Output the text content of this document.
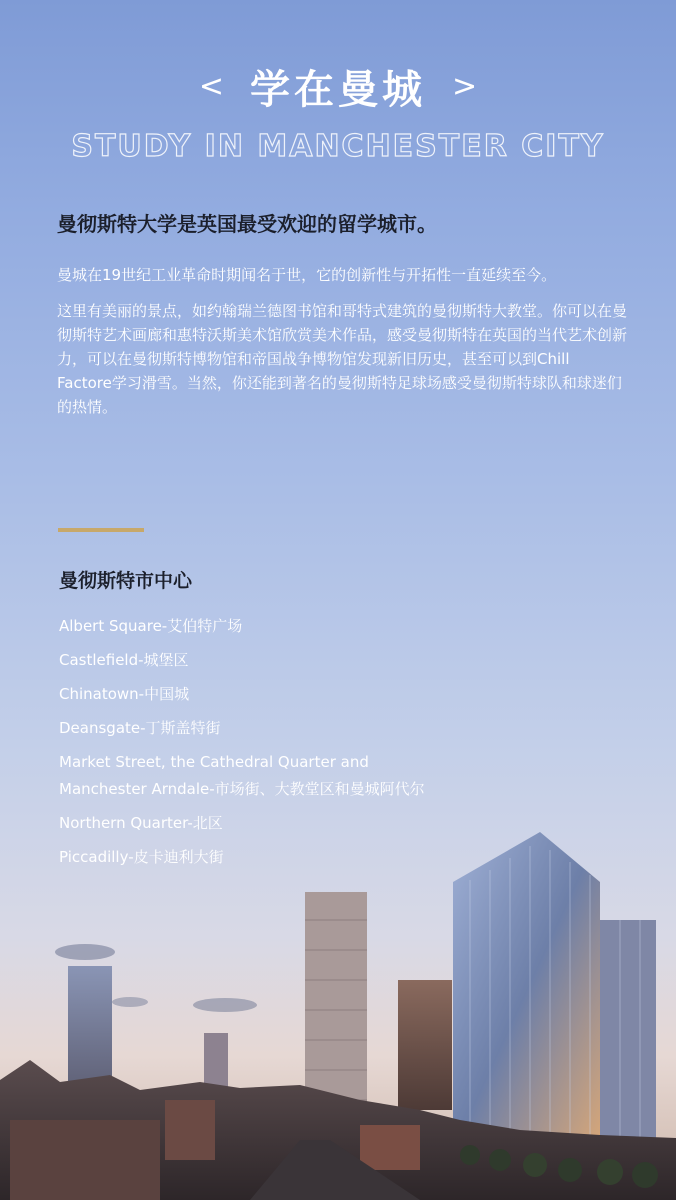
< 学在曼城 >
STUDY IN MANCHESTER CITY
曼彻斯特大学是英国最受欢迎的留学城市。

曼城在19世纪工业革命时期闻名于世，它的创新性与开拓性一直延续至今。

这里有美丽的景点，如约翰瑞兰德图书馆和哥特式建筑的曼彻斯特大教堂。你可以在曼彻斯特艺术画廊和惠特沃斯美术馆欣赏美术作品，感受曼彻斯特在英国的当代艺术创新力，可以在曼彻斯特博物馆和帝国战争博物馆发现新旧历史，甚至可以到Chill Factore学习滑雪。当然，你还能到著名的曼彻斯特足球场感受曼彻斯特球队和球迷们的热情。

曼彻斯特市中心
Albert Square-艾伯特广场
Castlefield-城堡区
Chinatown-中国城
Deansgate-丁斯盖特街
Market Street, the Cathedral Quarter and Manchester Arndale-市场街、大教堂区和曼城阿代尔
Northern Quarter-北区
Piccadilly-皮卡迪利大街
